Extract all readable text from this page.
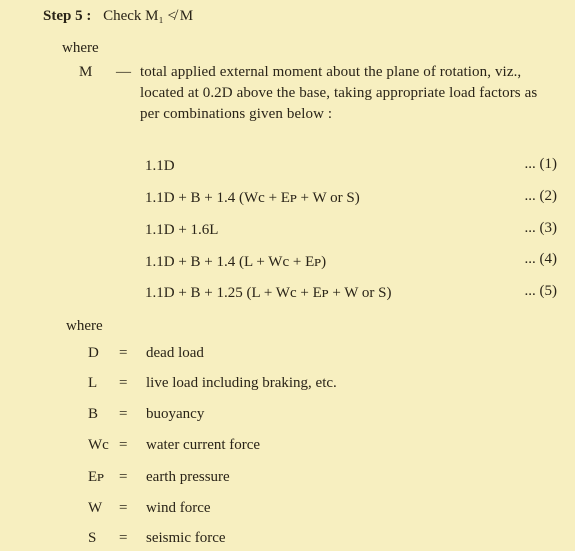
Step 5 : Check M₁ ≮ M
where
M — total applied external moment about the plane of rotation, viz., located at 0.2D above the base, taking appropriate load factors as per combinations given below :
1.1D	... (1)
1.1D + B + 1.4 (Wc + Eᴘ + W or S)	... (2)
1.1D + 1.6L	... (3)
1.1D + B + 1.4 (L + Wc + Eᴘ)	... (4)
1.1D + B + 1.25 (L + Wc + Eᴘ + W or S)	... (5)
where
D = dead load
L = live load including braking, etc.
B = buoyancy
Wc = water current force
Eᴘ = earth pressure
W = wind force
S = seismic force
